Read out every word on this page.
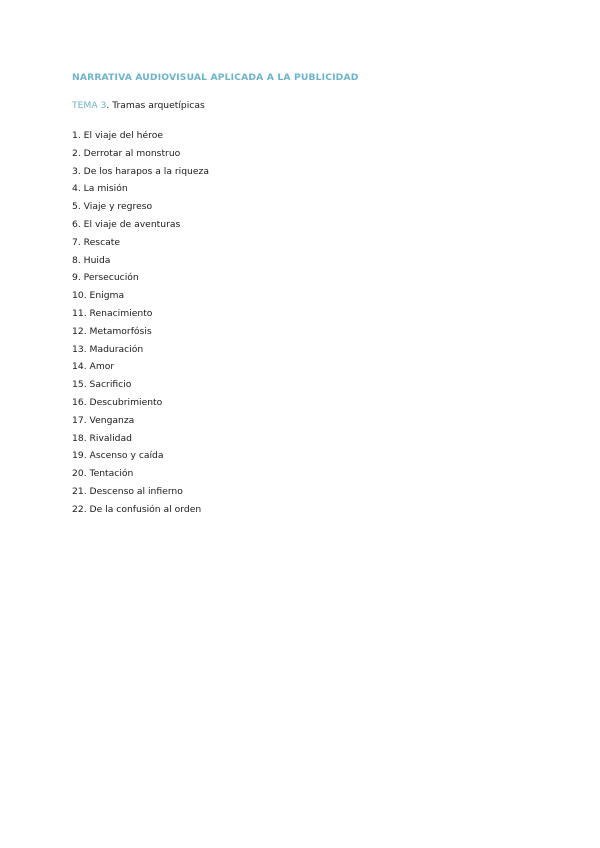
NARRATIVA AUDIOVISUAL APLICADA A LA PUBLICIDAD
TEMA 3. Tramas arquetípicas
1. El viaje del héroe
2. Derrotar al monstruo
3. De los harapos a la riqueza
4. La misión
5. Viaje y regreso
6. El viaje de aventuras
7. Rescate
8. Huida
9. Persecución
10. Enigma
11. Renacimiento
12. Metamorfósis
13. Maduración
14. Amor
15. Sacrificio
16. Descubrimiento
17. Venganza
18. Rivalidad
19. Ascenso y caída
20. Tentación
21. Descenso al infierno
22. De la confusión al orden
